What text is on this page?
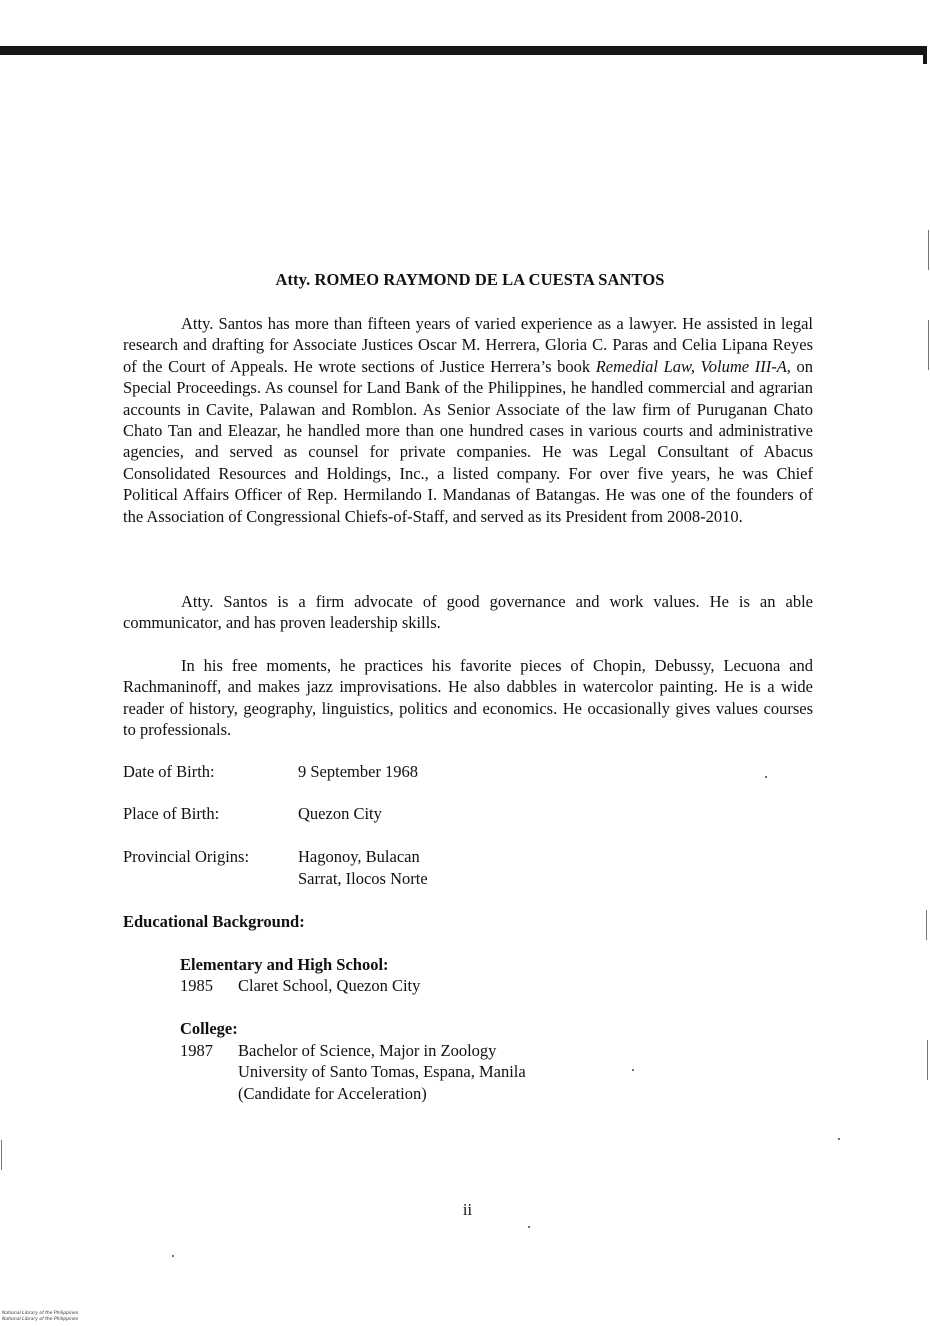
Atty. ROMEO RAYMOND DE LA CUESTA SANTOS

Atty. Santos has more than fifteen years of varied experience as a lawyer. He assisted in legal research and drafting for Associate Justices Oscar M. Herrera, Gloria C. Paras and Celia Lipana Reyes of the Court of Appeals. He wrote sections of Justice Herrera’s book Remedial Law, Volume III-A, on Special Proceedings. As counsel for Land Bank of the Philippines, he handled commercial and agrarian accounts in Cavite, Palawan and Romblon. As Senior Associate of the law firm of Puruganan Chato Chato Tan and Eleazar, he handled more than one hundred cases in various courts and administrative agencies, and served as counsel for private companies. He was Legal Consultant of Abacus Consolidated Resources and Holdings, Inc., a listed company. For over five years, he was Chief Political Affairs Officer of Rep. Hermilando I. Mandanas of Batangas. He was one of the founders of the Association of Congressional Chiefs-of-Staff, and served as its President from 2008-2010.

Atty. Santos is a firm advocate of good governance and work values. He is an able communicator, and has proven leadership skills.

In his free moments, he practices his favorite pieces of Chopin, Debussy, Lecuona and Rachmaninoff, and makes jazz improvisations. He also dabbles in watercolor painting. He is a wide reader of history, geography, linguistics, politics and economics. He occasionally gives values courses to professionals.

Date of Birth:	9 September 1968
Place of Birth:	Quezon City
Provincial Origins:	Hagonoy, Bulacan
Sarrat, Ilocos Norte
Educational Background:
Elementary and High School:
1985 Claret School, Quezon City
College:
1987 Bachelor of Science, Major in Zoology
University of Santo Tomas, Espana, Manila
(Candidate for Acceleration)
ii
National Library of the Philippines
National Library of the Philippines
